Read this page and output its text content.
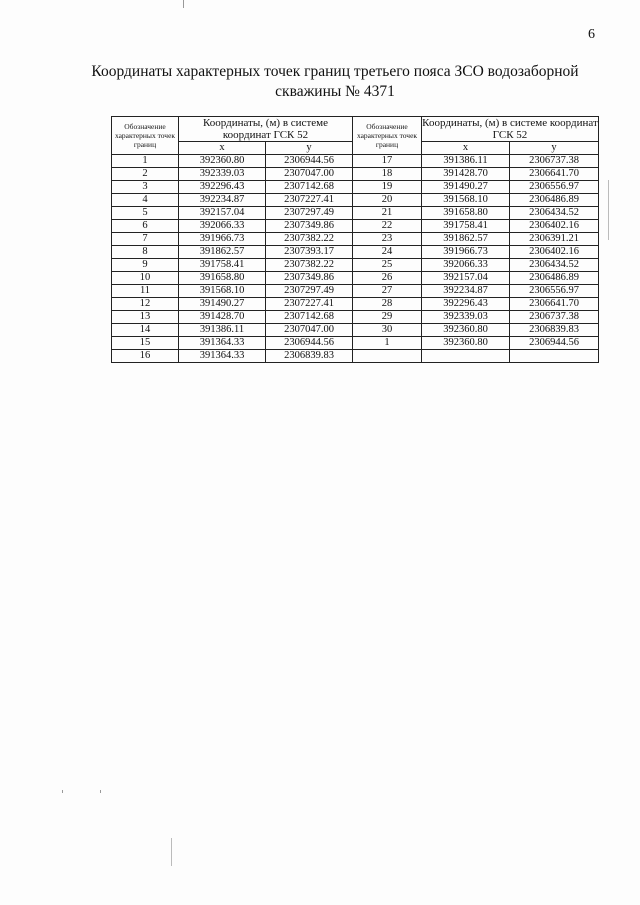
6
Координаты характерных точек границ третьего пояса ЗСО водозаборной
скважины № 4371
Обозначение характерных точек границ	Координаты, (м) в системе координат ГСК 52		Обозначение характерных точек границ	Координаты, (м) в системе координат ГСК 52	
	x	y		x	y
1	392360.80	2306944.56	17	391386.11	2306737.38
2	392339.03	2307047.00	18	391428.70	2306641.70
3	392296.43	2307142.68	19	391490.27	2306556.97
4	392234.87	2307227.41	20	391568.10	2306486.89
5	392157.04	2307297.49	21	391658.80	2306434.52
6	392066.33	2307349.86	22	391758.41	2306402.16
7	391966.73	2307382.22	23	391862.57	2306391.21
8	391862.57	2307393.17	24	391966.73	2306402.16
9	391758.41	2307382.22	25	392066.33	2306434.52
10	391658.80	2307349.86	26	392157.04	2306486.89
11	391568.10	2307297.49	27	392234.87	2306556.97
12	391490.27	2307227.41	28	392296.43	2306641.70
13	391428.70	2307142.68	29	392339.03	2306737.38
14	391386.11	2307047.00	30	392360.80	2306839.83
15	391364.33	2306944.56	1	392360.80	2306944.56
16	391364.33	2306839.83			
